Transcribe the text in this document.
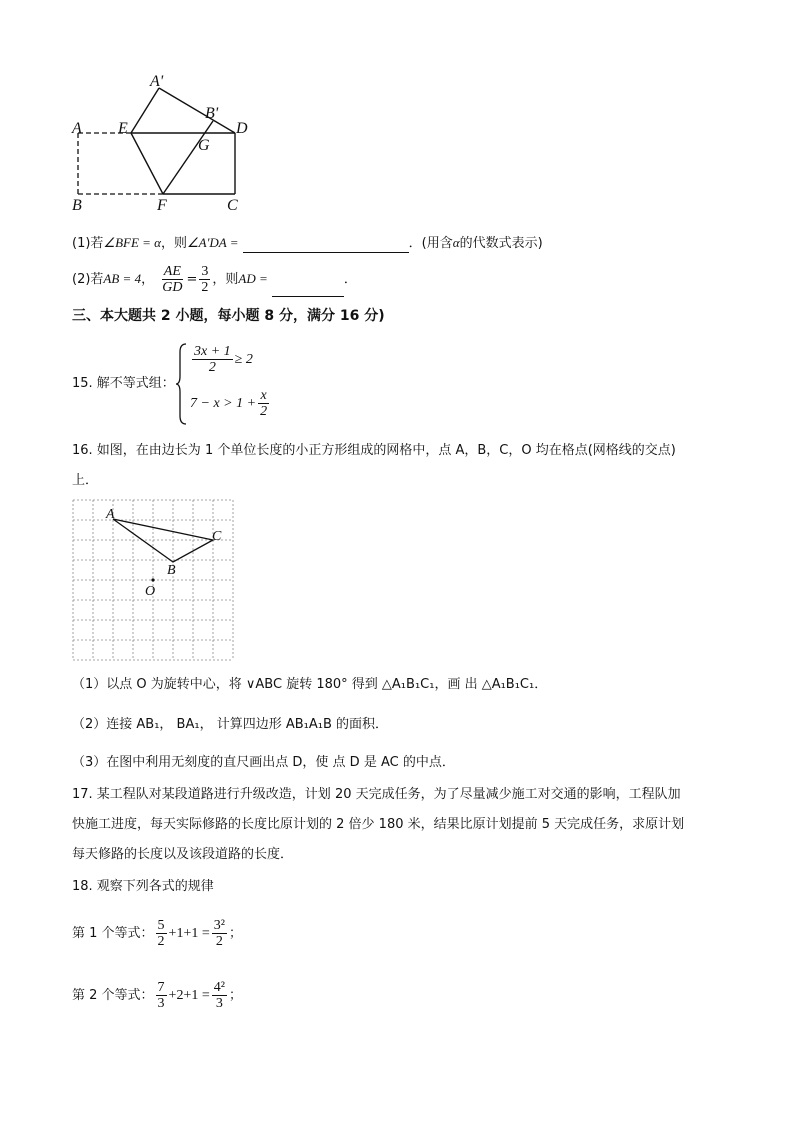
A'
A E
B'
G
D
B	F	C
(1)若∠BFE = α，则∠A'DA =	．(用含α的代数式表示)
(2)若AB = 4， $\frac{AE}{GD} = \frac{3}{2}$ ，则AD =	．
三、本大题共 2 小题，每小题 8 分，满分 16 分)
15. 解不等式组：
$\frac{3x + 1}{2} \ge 2$
$7 - x > 1 + \frac{x}{2}$
16. 如图，在由边长为 1 个单位长度的小正方形组成的网格中，点 A，B，C，O 均在格点(网格线的交点)
上．
A
B
C
O
（1）以点 O 为旋转中心，将 ∨ABC 旋转 180° 得到 △A₁B₁C₁，画 出 △A₁B₁C₁．
（2）连接 AB₁， BA₁， 计算四边形 AB₁A₁B 的面积．
（3）在图中利用无刻度的直尺画出点 D，使 点 D 是 AC 的中点．
17. 某工程队对某段道路进行升级改造，计划 20 天完成任务，为了尽量减少施工对交通的影响，工程队加
快施工进度，每天实际修路的长度比原计划的 2 倍少 180 米，结果比原计划提前 5 天完成任务，求原计划
每天修路的长度以及该段道路的长度．
18. 观察下列各式的规律
第 1 个等式： $\frac{5}{2} +1+1 = \frac{\text{3²}}{2}$ ；
第 2 个等式： $\frac{7}{3} +2+1 = \frac{\text{4²}}{3}$ ；
